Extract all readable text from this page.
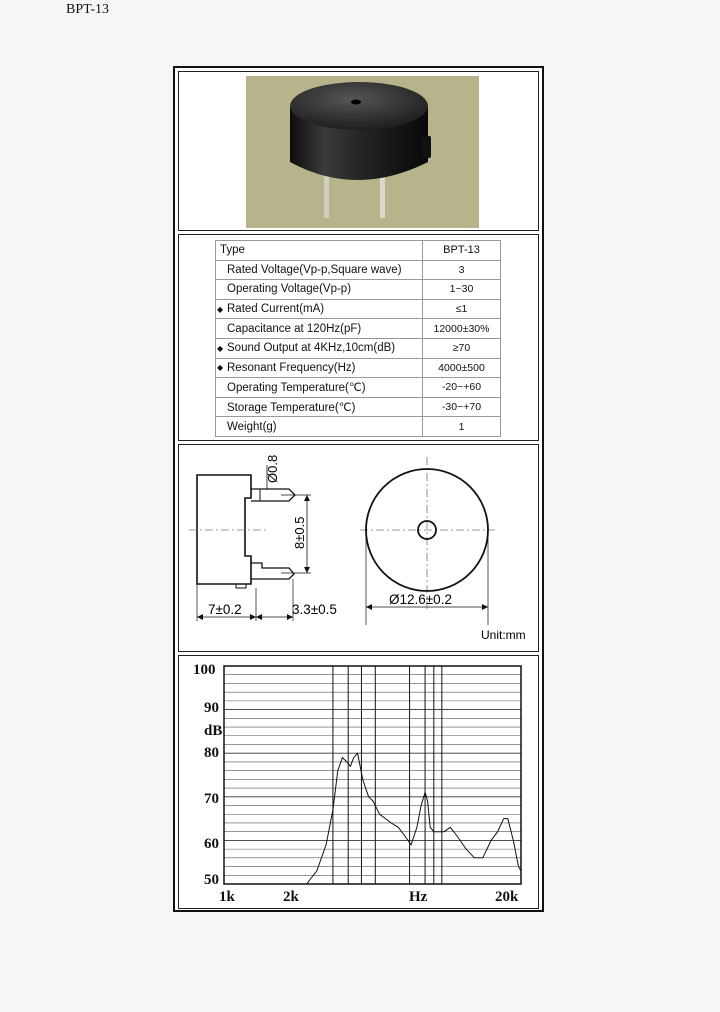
BPT-13
Type	BPT-13
Rated Voltage(Vp-p,Square wave)	3
Operating Voltage(Vp-p)	1~30
◆ Rated Current(mA)	≤1
Capacitance at 120Hz(pF)	12000±30%
◆ Sound Output at 4KHz,10cm(dB)	≥70
◆ Resonant Frequency(Hz)	4000±500
Operating Temperature(℃)	-20~+60
Storage Temperature(℃)	-30~+70
Weight(g)	1
Ø0.8
8±0.5
7±0.2	3.3±0.5
Ø12.6±0.2
Unit:mm
100
90
dB
80
70
60
50
1k	2k	Hz	20k
